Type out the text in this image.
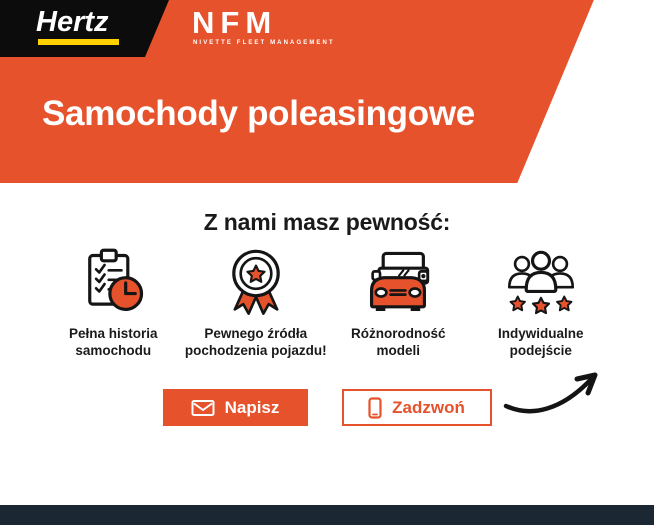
Hertz	NFM
NIVETTE FLEET MANAGEMENT
Samochody poleasingowe
Z nami masz pewność:
Pełna historia
samochodu
Pewnego źródła
pochodzenia pojazdu!
Różnorodność
modeli
Indywidualne
podejście
Napisz	Zadzwoń
